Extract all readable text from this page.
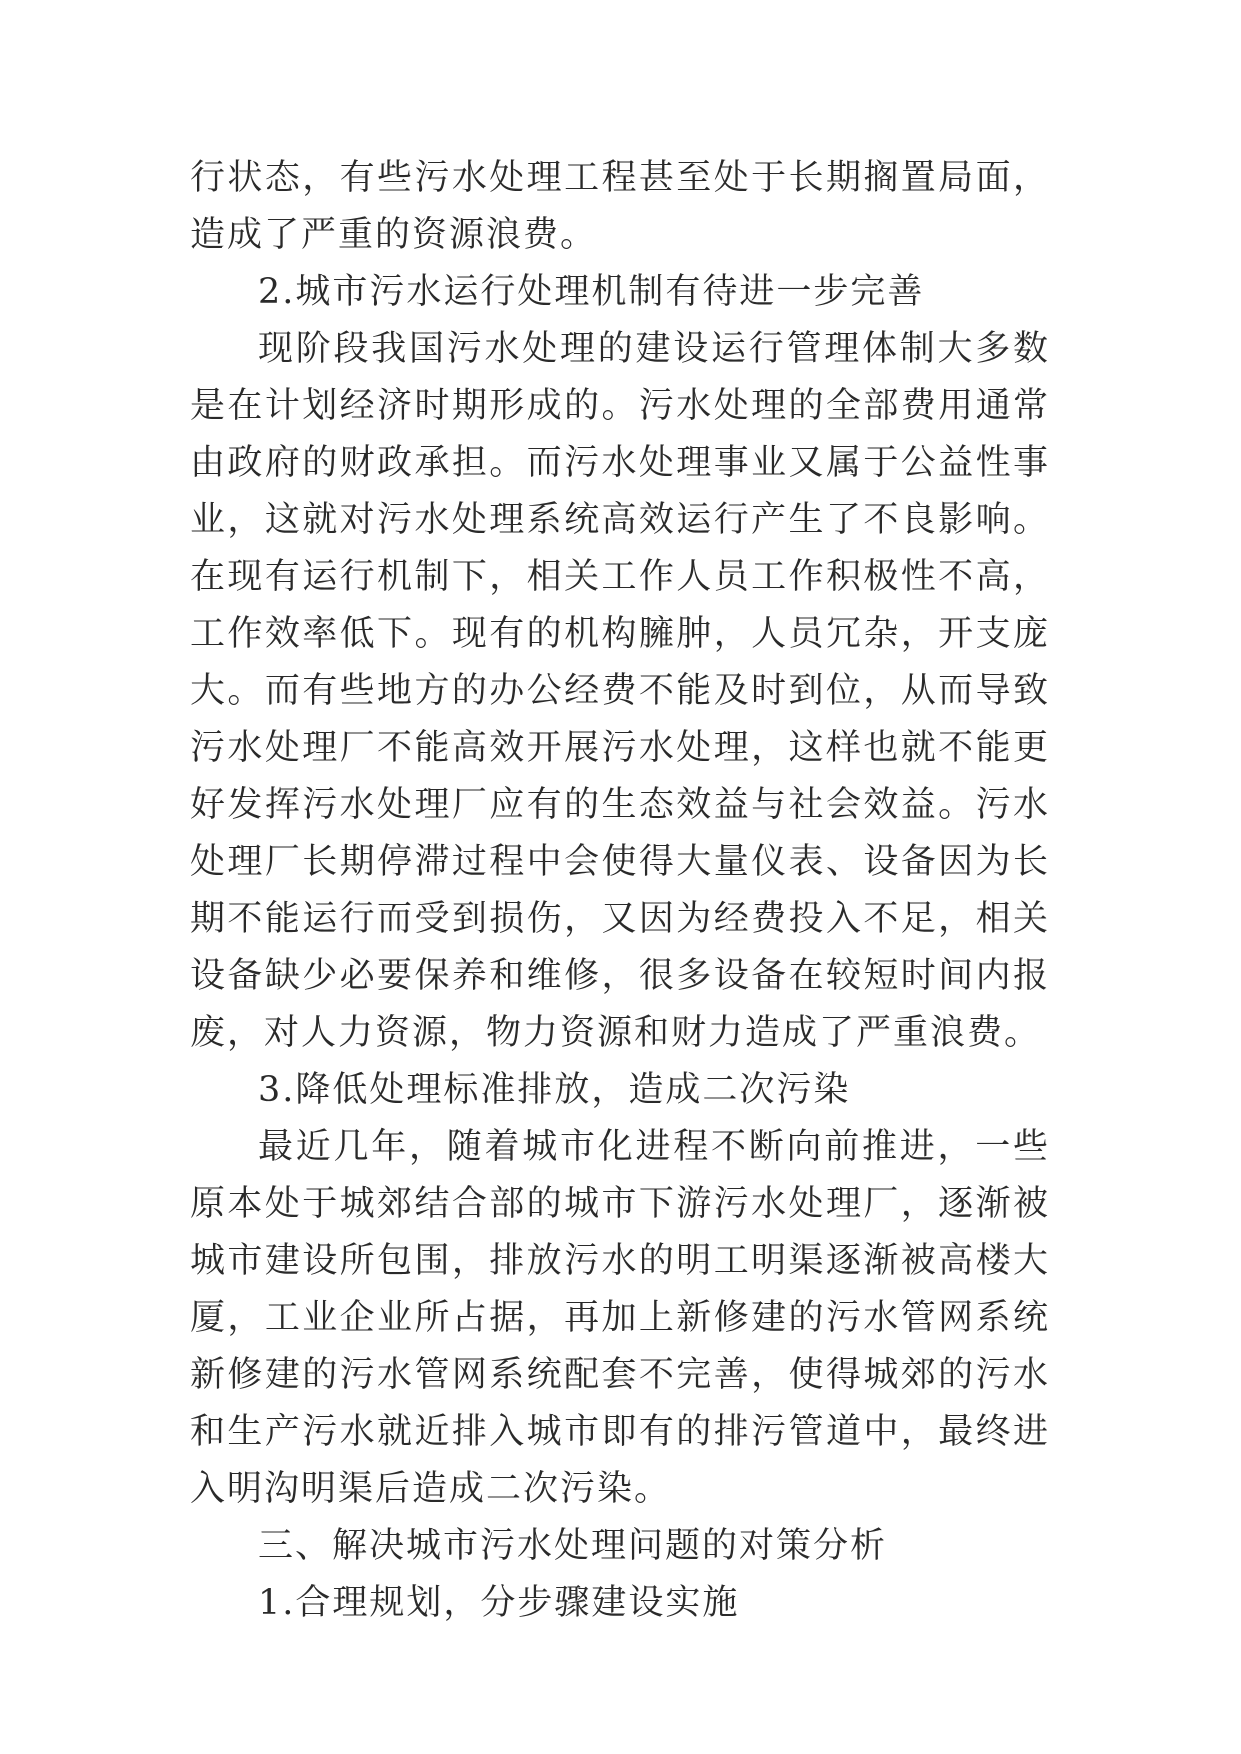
行状态，有些污水处理工程甚至处于长期搁置局面，造成了严重的资源浪费。

2.城市污水运行处理机制有待进一步完善

现阶段我国污水处理的建设运行管理体制大多数是在计划经济时期形成的。污水处理的全部费用通常由政府的财政承担。而污水处理事业又属于公益性事业，这就对污水处理系统高效运行产生了不良影响。在现有运行机制下，相关工作人员工作积极性不高，工作效率低下。现有的机构臃肿，人员冗杂，开支庞大。而有些地方的办公经费不能及时到位，从而导致污水处理厂不能高效开展污水处理，这样也就不能更好发挥污水处理厂应有的生态效益与社会效益。污水处理厂长期停滞过程中会使得大量仪表、设备因为长期不能运行而受到损伤，又因为经费投入不足，相关设备缺少必要保养和维修，很多设备在较短时间内报废，对人力资源，物力资源和财力造成了严重浪费。

3.降低处理标准排放，造成二次污染

最近几年，随着城市化进程不断向前推进，一些原本处于城郊结合部的城市下游污水处理厂，逐渐被城市建设所包围，排放污水的明工明渠逐渐被高楼大厦，工业企业所占据，再加上新修建的污水管网系统新修建的污水管网系统配套不完善，使得城郊的污水和生产污水就近排入城市即有的排污管道中，最终进入明沟明渠后造成二次污染。

三、解决城市污水处理问题的对策分析

1.合理规划，分步骤建设实施
